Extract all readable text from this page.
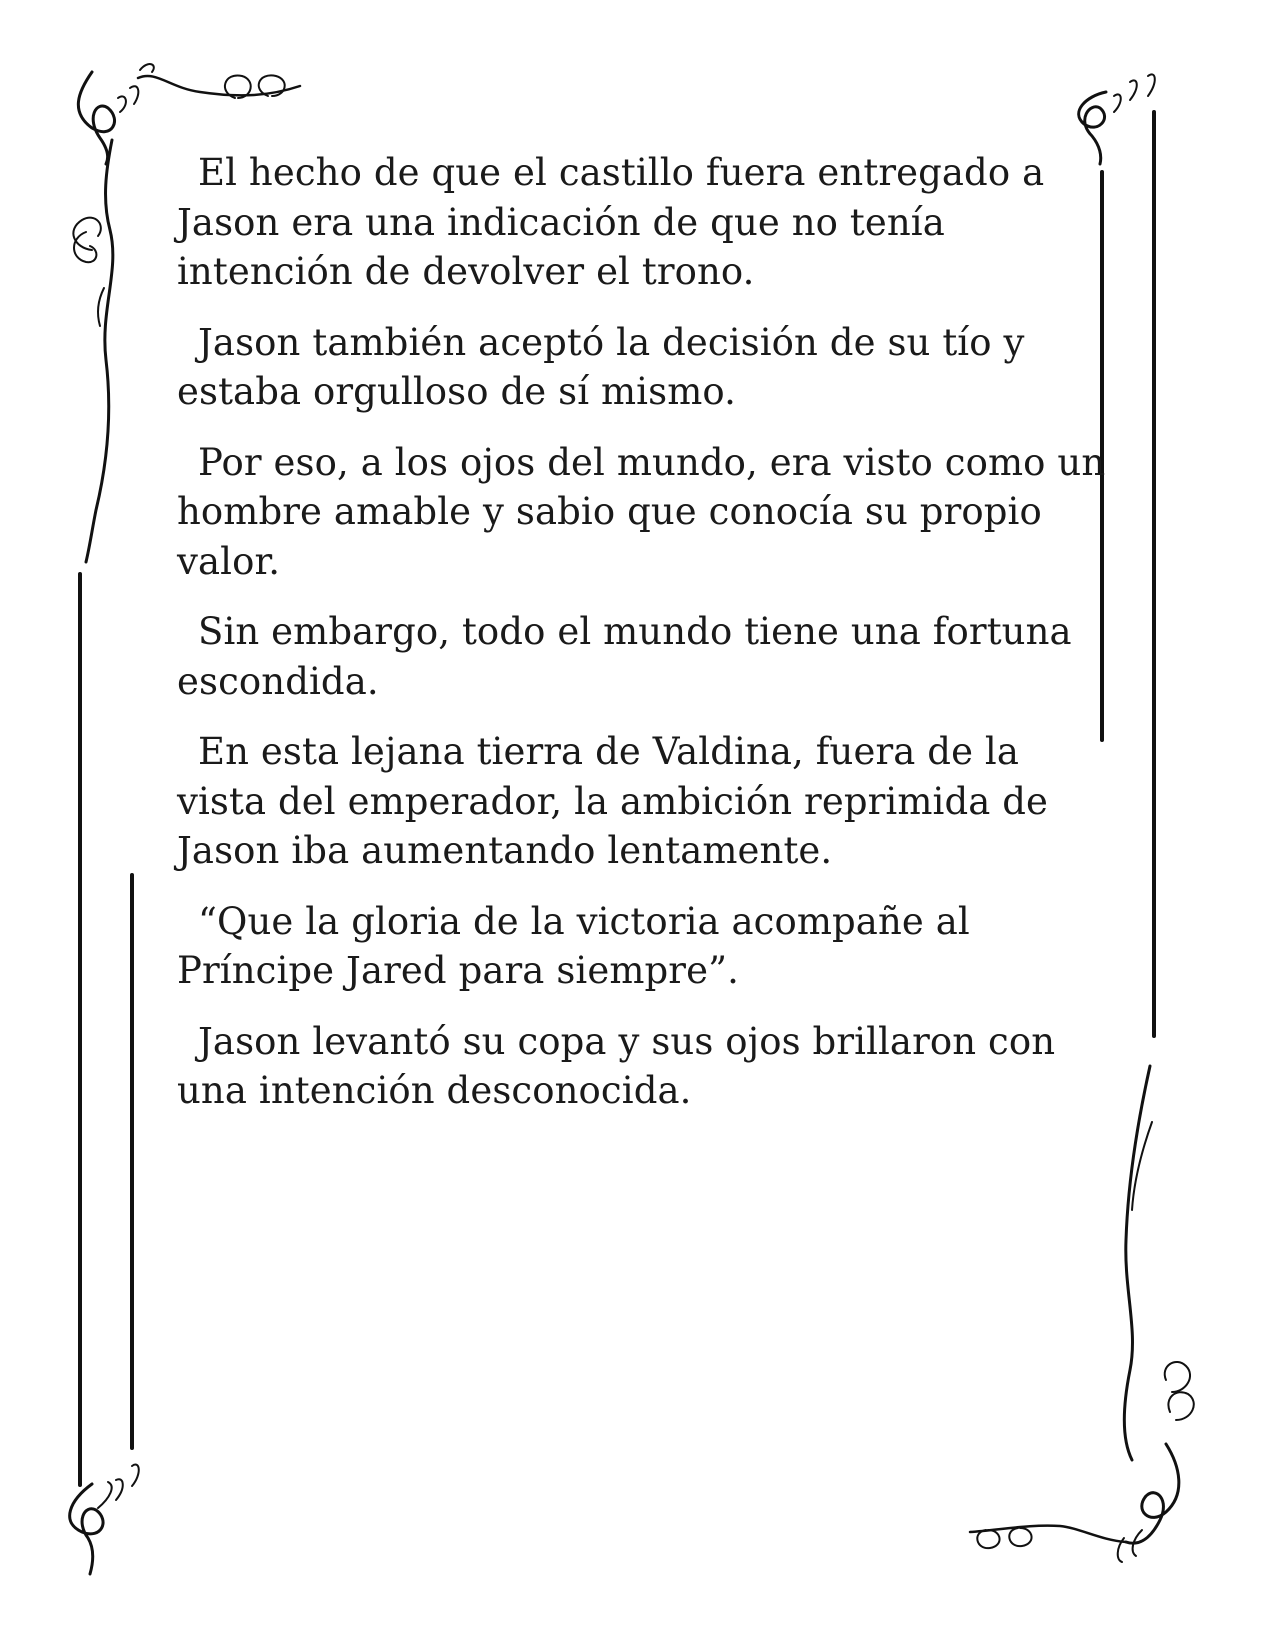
El hecho de que el castillo fuera entregado a Jason era una indicación de que no tenía intención de devolver el trono.

Jason también aceptó la decisión de su tío y estaba orgulloso de sí mismo.

Por eso, a los ojos del mundo, era visto como un hombre amable y sabio que conocía su propio valor.

Sin embargo, todo el mundo tiene una fortuna escondida.

En esta lejana tierra de Valdina, fuera de la vista del emperador, la ambición reprimida de Jason iba aumentando lentamente.

“Que la gloria de la victoria acompañe al Príncipe Jared para siempre”.

Jason levantó su copa y sus ojos brillaron con una intención desconocida.
